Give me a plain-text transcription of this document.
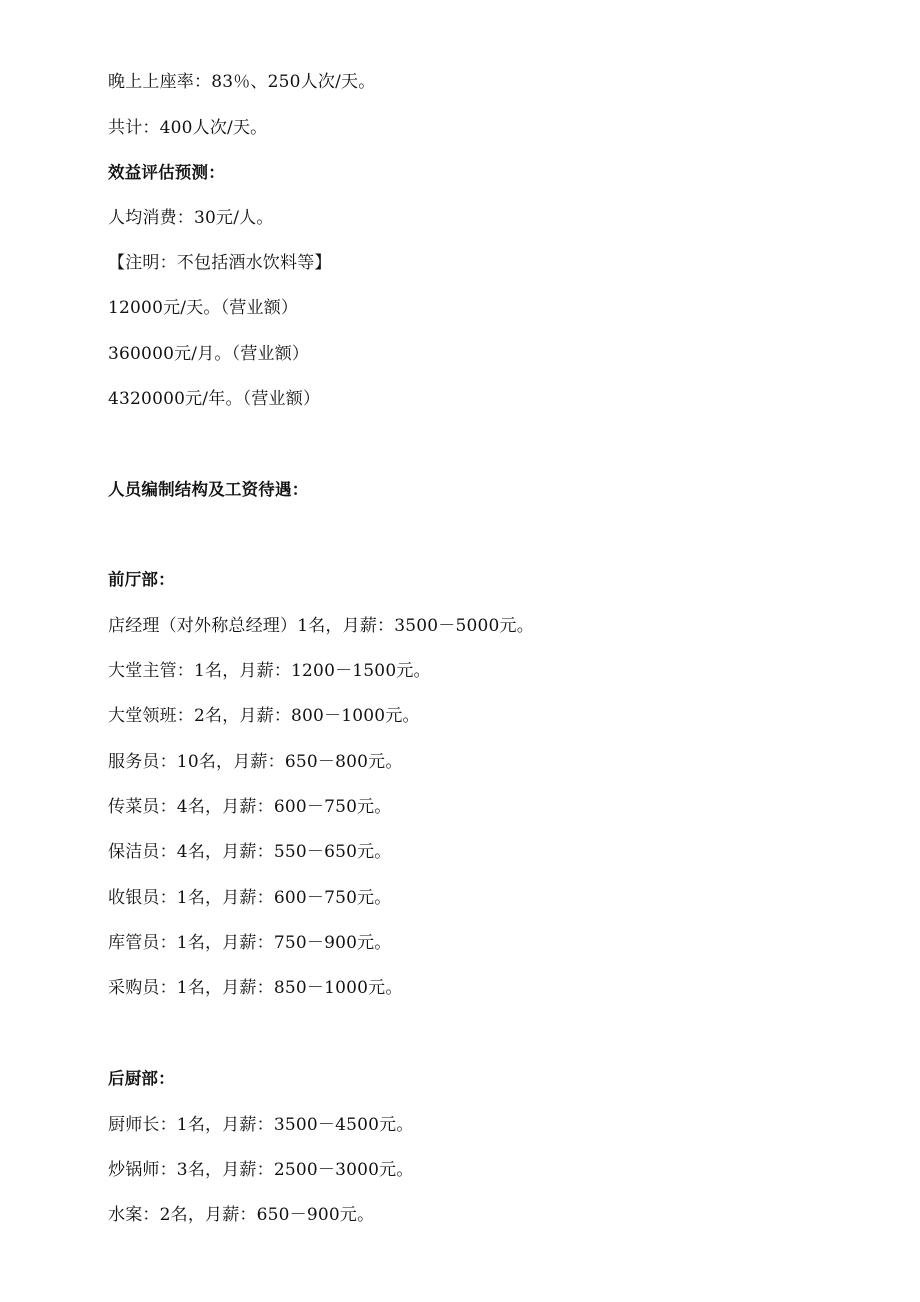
晚上上座率：83％、250人次/天。
共计：400人次/天。
效益评估预测：
人均消费：30元/人。
【注明：不包括酒水饮料等】
12000元/天。（营业额）
360000元/月。（营业额）
4320000元/年。（营业额）
人员编制结构及工资待遇：
前厅部：
店经理（对外称总经理）1名，月薪：3500－5000元。
大堂主管：1名，月薪：1200－1500元。
大堂领班：2名，月薪：800－1000元。
服务员：10名，月薪：650－800元。
传菜员：4名，月薪：600－750元。
保洁员：4名，月薪：550－650元。
收银员：1名，月薪：600－750元。
库管员：1名，月薪：750－900元。
采购员：1名，月薪：850－1000元。
后厨部：
厨师长：1名，月薪：3500－4500元。
炒锅师：3名，月薪：2500－3000元。
水案：2名，月薪：650－900元。
